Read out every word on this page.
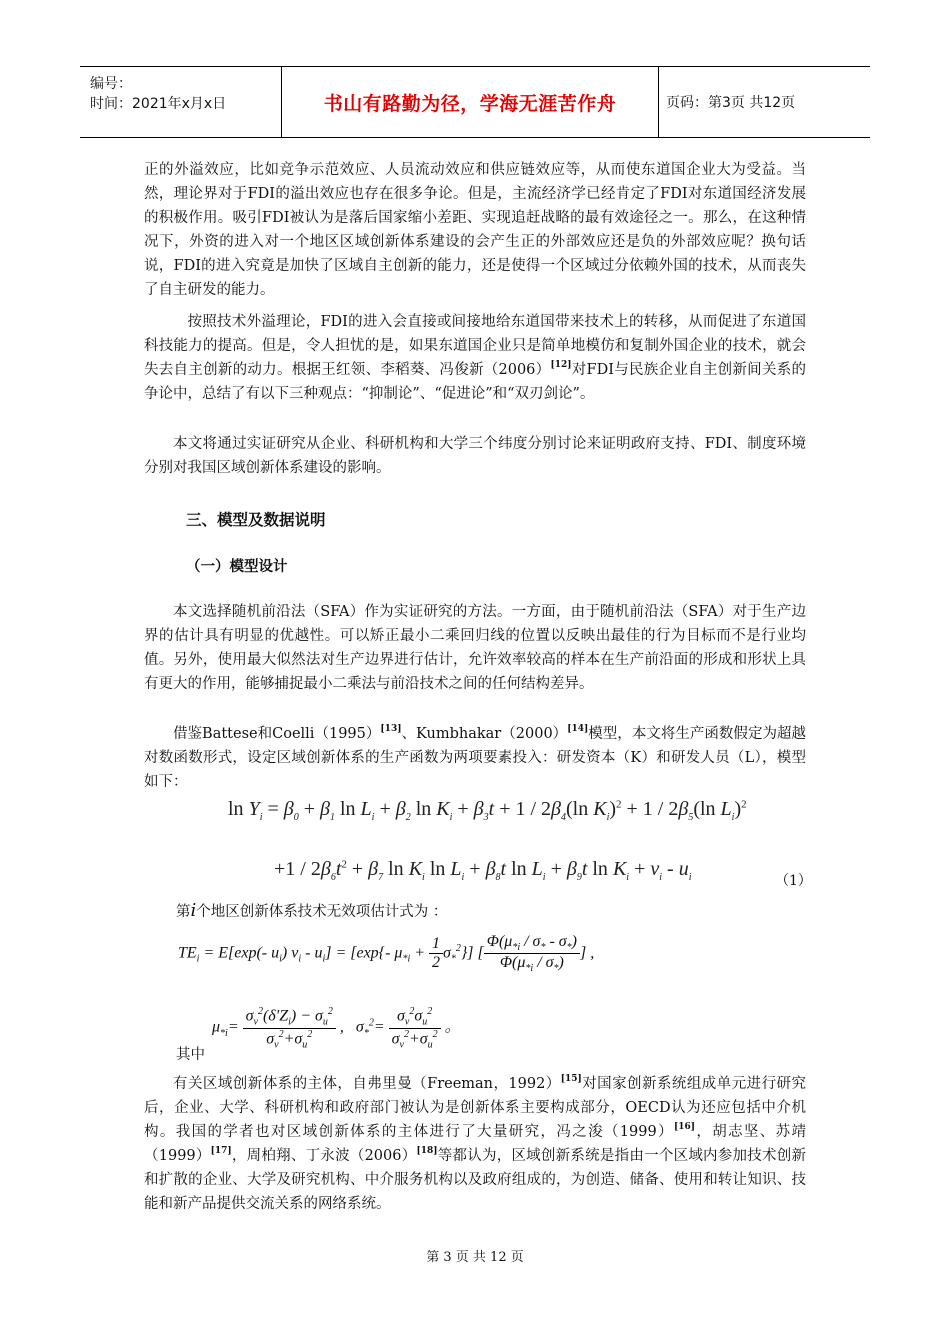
编号：
时间：2021年x月x日	书山有路勤为径，学海无涯苦作舟	页码：第3页 共12页

正的外溢效应，比如竞争示范效应、人员流动效应和供应链效应等，从而使东道国企业大为受益。当然，理论界对于FDI的溢出效应也存在很多争论。但是，主流经济学已经肯定了FDI对东道国经济发展的积极作用。吸引FDI被认为是落后国家缩小差距、实现追赶战略的最有效途径之一。那么，在这种情况下，外资的进入对一个地区区域创新体系建设的会产生正的外部效应还是负的外部效应呢？换句话说，FDI的进入究竟是加快了区域自主创新的能力，还是使得一个区域过分依赖外国的技术，从而丧失了自主研发的能力。

按照技术外溢理论，FDI的进入会直接或间接地给东道国带来技术上的转移，从而促进了东道国科技能力的提高。但是，令人担忧的是，如果东道国企业只是简单地模仿和复制外国企业的技术，就会失去自主创新的动力。根据王红领、李稻葵、冯俊新（2006）[12]对FDI与民族企业自主创新间关系的争论中，总结了有以下三种观点：“抑制论”、“促进论”和“双刃剑论”。

本文将通过实证研究从企业、科研机构和大学三个纬度分别讨论来证明政府支持、FDI、制度环境分别对我国区域创新体系建设的影响。

三、模型及数据说明
（一）模型设计

本文选择随机前沿法（SFA）作为实证研究的方法。一方面，由于随机前沿法（SFA）对于生产边界的估计具有明显的优越性。可以矫正最小二乘回归线的位置以反映出最佳的行为目标而不是行业均值。另外，使用最大似然法对生产边界进行估计，允许效率较高的样本在生产前沿面的形成和形状上具有更大的作用，能够捕捉最小二乘法与前沿技术之间的任何结构差异。

借鉴Battese和Coelli（1995）[13]、Kumbhakar（2000）[14]模型，本文将生产函数假定为超越对数函数形式，设定区域创新体系的生产函数为两项要素投入：研发资本（K）和研发人员（L），模型如下：

$\ln Y_i = \beta_0 + \beta_1$ $\ln L_i + \beta_2$ $\ln K_i + \beta_3t + 1 / 2\beta_4(\ln$ $K_i)^2 + 1 / 2\beta_5(\ln$ $L_i)^2$
$+1 / 2\beta_6t^2 + \beta_7$ $\ln K_i$ $\ln L_i + \beta_8t$ $\ln L_i + \beta_9t$ $\ln K_i + v_i - u_i$	（1）

第i个地区创新体系技术无效项估计式为 ：

$TE_i = E[\exp(-$ $u_i$) $v_i - u_i] = [\exp\{-$ $\mu_{*i} + \frac{1}{2} \sigma_*^2$}] [ $\frac{\Phi(\mu_{*i} / \sigma_* - \sigma_*)}{\Phi(\mu_{*i} / \sigma_*)}$ ] ,

其中

$\mu_{*i}= \frac{\sigma_v^2(\delta'Z_i) - \sigma_u^2}{\sigma_v^2+\sigma_u^2}$ ,   $\sigma_*^2= \frac{\sigma_v^2\sigma_u^2}{\sigma_v^2+\sigma_u^2}$ 。

有关区域创新体系的主体，自弗里曼（Freeman，1992）[15]对国家创新系统组成单元进行研究后，企业、大学、科研机构和政府部门被认为是创新体系主要构成部分，OECD认为还应包括中介机构。我国的学者也对区域创新体系的主体进行了大量研究，冯之浚（1999）[16]，胡志坚、苏靖（1999）[17]，周柏翔、丁永波（2006）[18]等都认为，区域创新系统是指由一个区域内参加技术创新和扩散的企业、大学及研究机构、中介服务机构以及政府组成的，为创造、储备、使用和转让知识、技能和新产品提供交流关系的网络系统。

第 3 页 共 12 页
